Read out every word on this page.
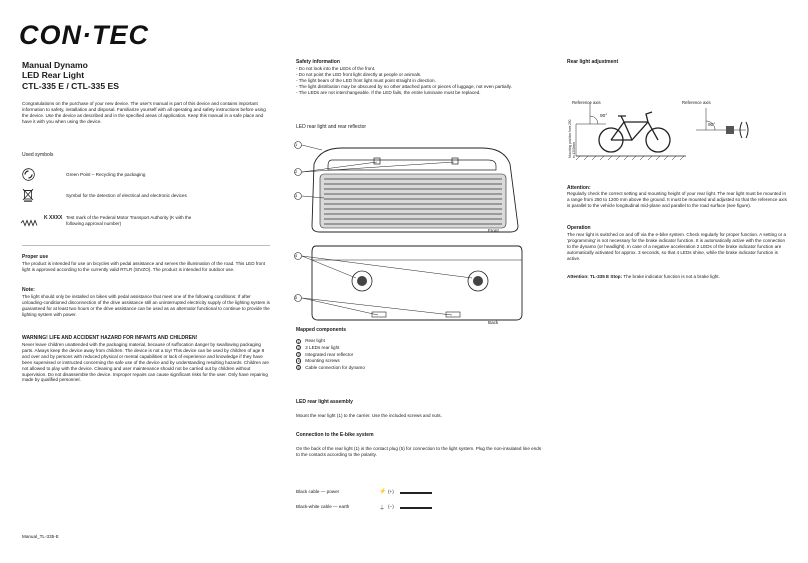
CON·TEC
Manual Dynamo
LED Rear Light
CTL-335 E / CTL-335 ES
Congratulations on the purchase of your new device. The user's manual is part of this device and contains important information to safety, installation and disposal. Familiarize yourself with all operating and safety instructions before using the device. Use the device as described and in the specified areas of application. Keep this manual in a safe place and have it with you when using the device.
Used symbols
Green Point – Recycling the packaging
Symbol for the detection of electrical and electronic devices
K XXXX Test mark of the Federal Motor Transport Authority (K with the following approval number)
Proper use
The product is intended for use on bicycles with pedal assistance and serves the illumination of the road. This LED front light is approved according to the currently valid RTLR (StVZO). The product is intended for outdoor use.
Note:
The light should only be installed on bikes with pedal assistance that meet one of the following conditions: If after unloading-conditioned disconnection of the drive assistance still an uninterrupted electricity supply of the lighting system is guaranteed for at least two hours or the drive assistance can be used as an alternator functional to continue to provide the lighting system with power.
WARNING! LIFE AND ACCIDENT HAZARD FOR INFANTS AND CHILDREN!
Never leave children unattended with the packaging material, because of suffocation danger by swallowing packaging parts. Always keep the device away from children. The device is not a toy! This device can be used by children of age 8 and over and by persons with reduced physical or mental capabilities or lack of experience and knowledge if they have been supervised or instructed concerning the safe use of the device and by understanding resulting hazards. Children are not allowed to play with the device. Cleaning and user maintenance should not be carried out by children without supervision. Do not disassemble the device. Improper repairs can cause significant risks for the user. Only have repairing made by qualified personnel.
Manual_TL-335-E
Safety information
- Do not look into the LEDs of the front.
- Do not point the LED front light directly at people or animals.
- The light beam of the LED front light must point straight in direction.
- The light distribution may be obscured by no other attached parts or pieces of luggage, not even partially.
- The LEDs are not interchangeable. If the LED fails, the entire luminaire must be replaced.
LED rear light and rear reflector
1
2
3
4
5
Front
Back
Mapped components
1	Rear light
2	2 LEDs rear light
3	Integrated rear reflector
4	Mounting screws
5	Cable connection for dynamo
LED rear light assembly
Mount the rear light (1) to the carrier. Use the included screws and nuts.
Connection to the E-bike system
On the back of the rear light (1) is the contact plug (5) for connection to the light system. Plug the non-insulated line ends to the contacts according to the polarity.
Black cable — power	⚡ (+)
Black-white cable — earth	⏚ (−)
Rear light adjustment
Reference axis	Reference axis
90°
90°
Mounting position from 250 to 1200mm
Attention:
Regularly check the correct setting and mounting height of your rear light. The rear light must be mounted in a range from 250 to 1200 mm above the ground. It must be mounted and adjusted so that the reference axis is parallel to the vehicle longitudinal mid-plane and parallel to the road surface (see figure).
Operation
The rear light is switched on and off via the e-bike system. Check regularly for proper function. A setting or a 'programming' is not necessary for the brake indicator function. It is automatically active with the connection to the dynamo (or headlight). In case of a negative acceleration 2 LEDs of the brake indicator function are automatically activated for approx. 3 seconds, so that 4 LEDs shine, while the brake indicator function is active.
Attention: TL-335 E Stop: The brake indicator function is not a brake light.
